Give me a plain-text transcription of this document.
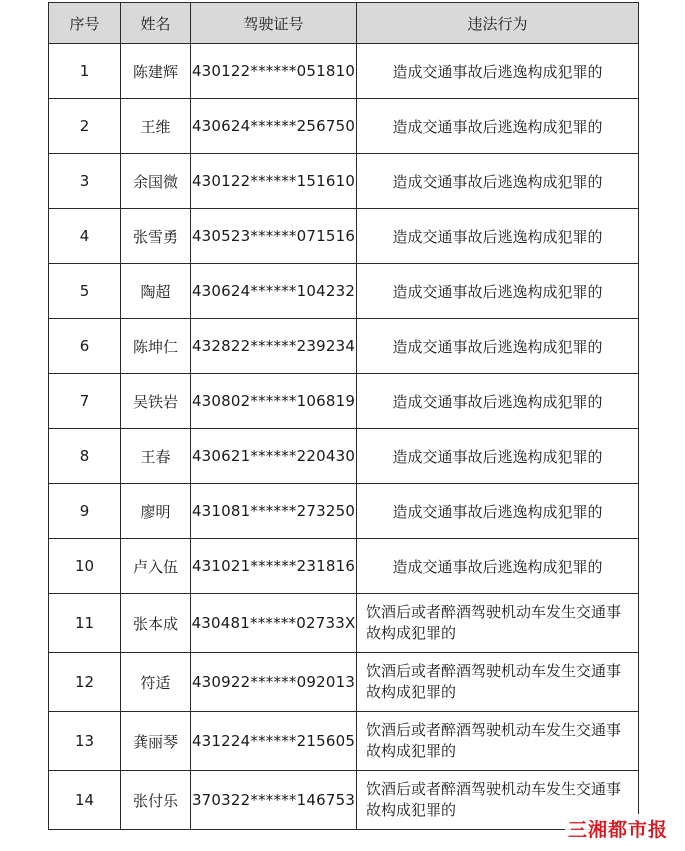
序号	姓名	驾驶证号	违法行为
1	陈建辉	430122******051810	造成交通事故后逃逸构成犯罪的
2	王维	430624******256750	造成交通事故后逃逸构成犯罪的
3	余国微	430122******151610	造成交通事故后逃逸构成犯罪的
4	张雪勇	430523******071516	造成交通事故后逃逸构成犯罪的
5	陶超	430624******104232	造成交通事故后逃逸构成犯罪的
6	陈坤仁	432822******239234	造成交通事故后逃逸构成犯罪的
7	吴铁岩	430802******106819	造成交通事故后逃逸构成犯罪的
8	王春	430621******220430	造成交通事故后逃逸构成犯罪的
9	廖明	431081******273250	造成交通事故后逃逸构成犯罪的
10	卢入伍	431021******231816	造成交通事故后逃逸构成犯罪的
11	张本成	430481******02733X	饮酒后或者醉酒驾驶机动车发生交通事故构成犯罪的
12	符适	430922******092013	饮酒后或者醉酒驾驶机动车发生交通事故构成犯罪的
13	龚丽琴	431224******215605	饮酒后或者醉酒驾驶机动车发生交通事故构成犯罪的
14	张付乐	370322******146753	饮酒后或者醉酒驾驶机动车发生交通事故构成犯罪的
三湘都市报
